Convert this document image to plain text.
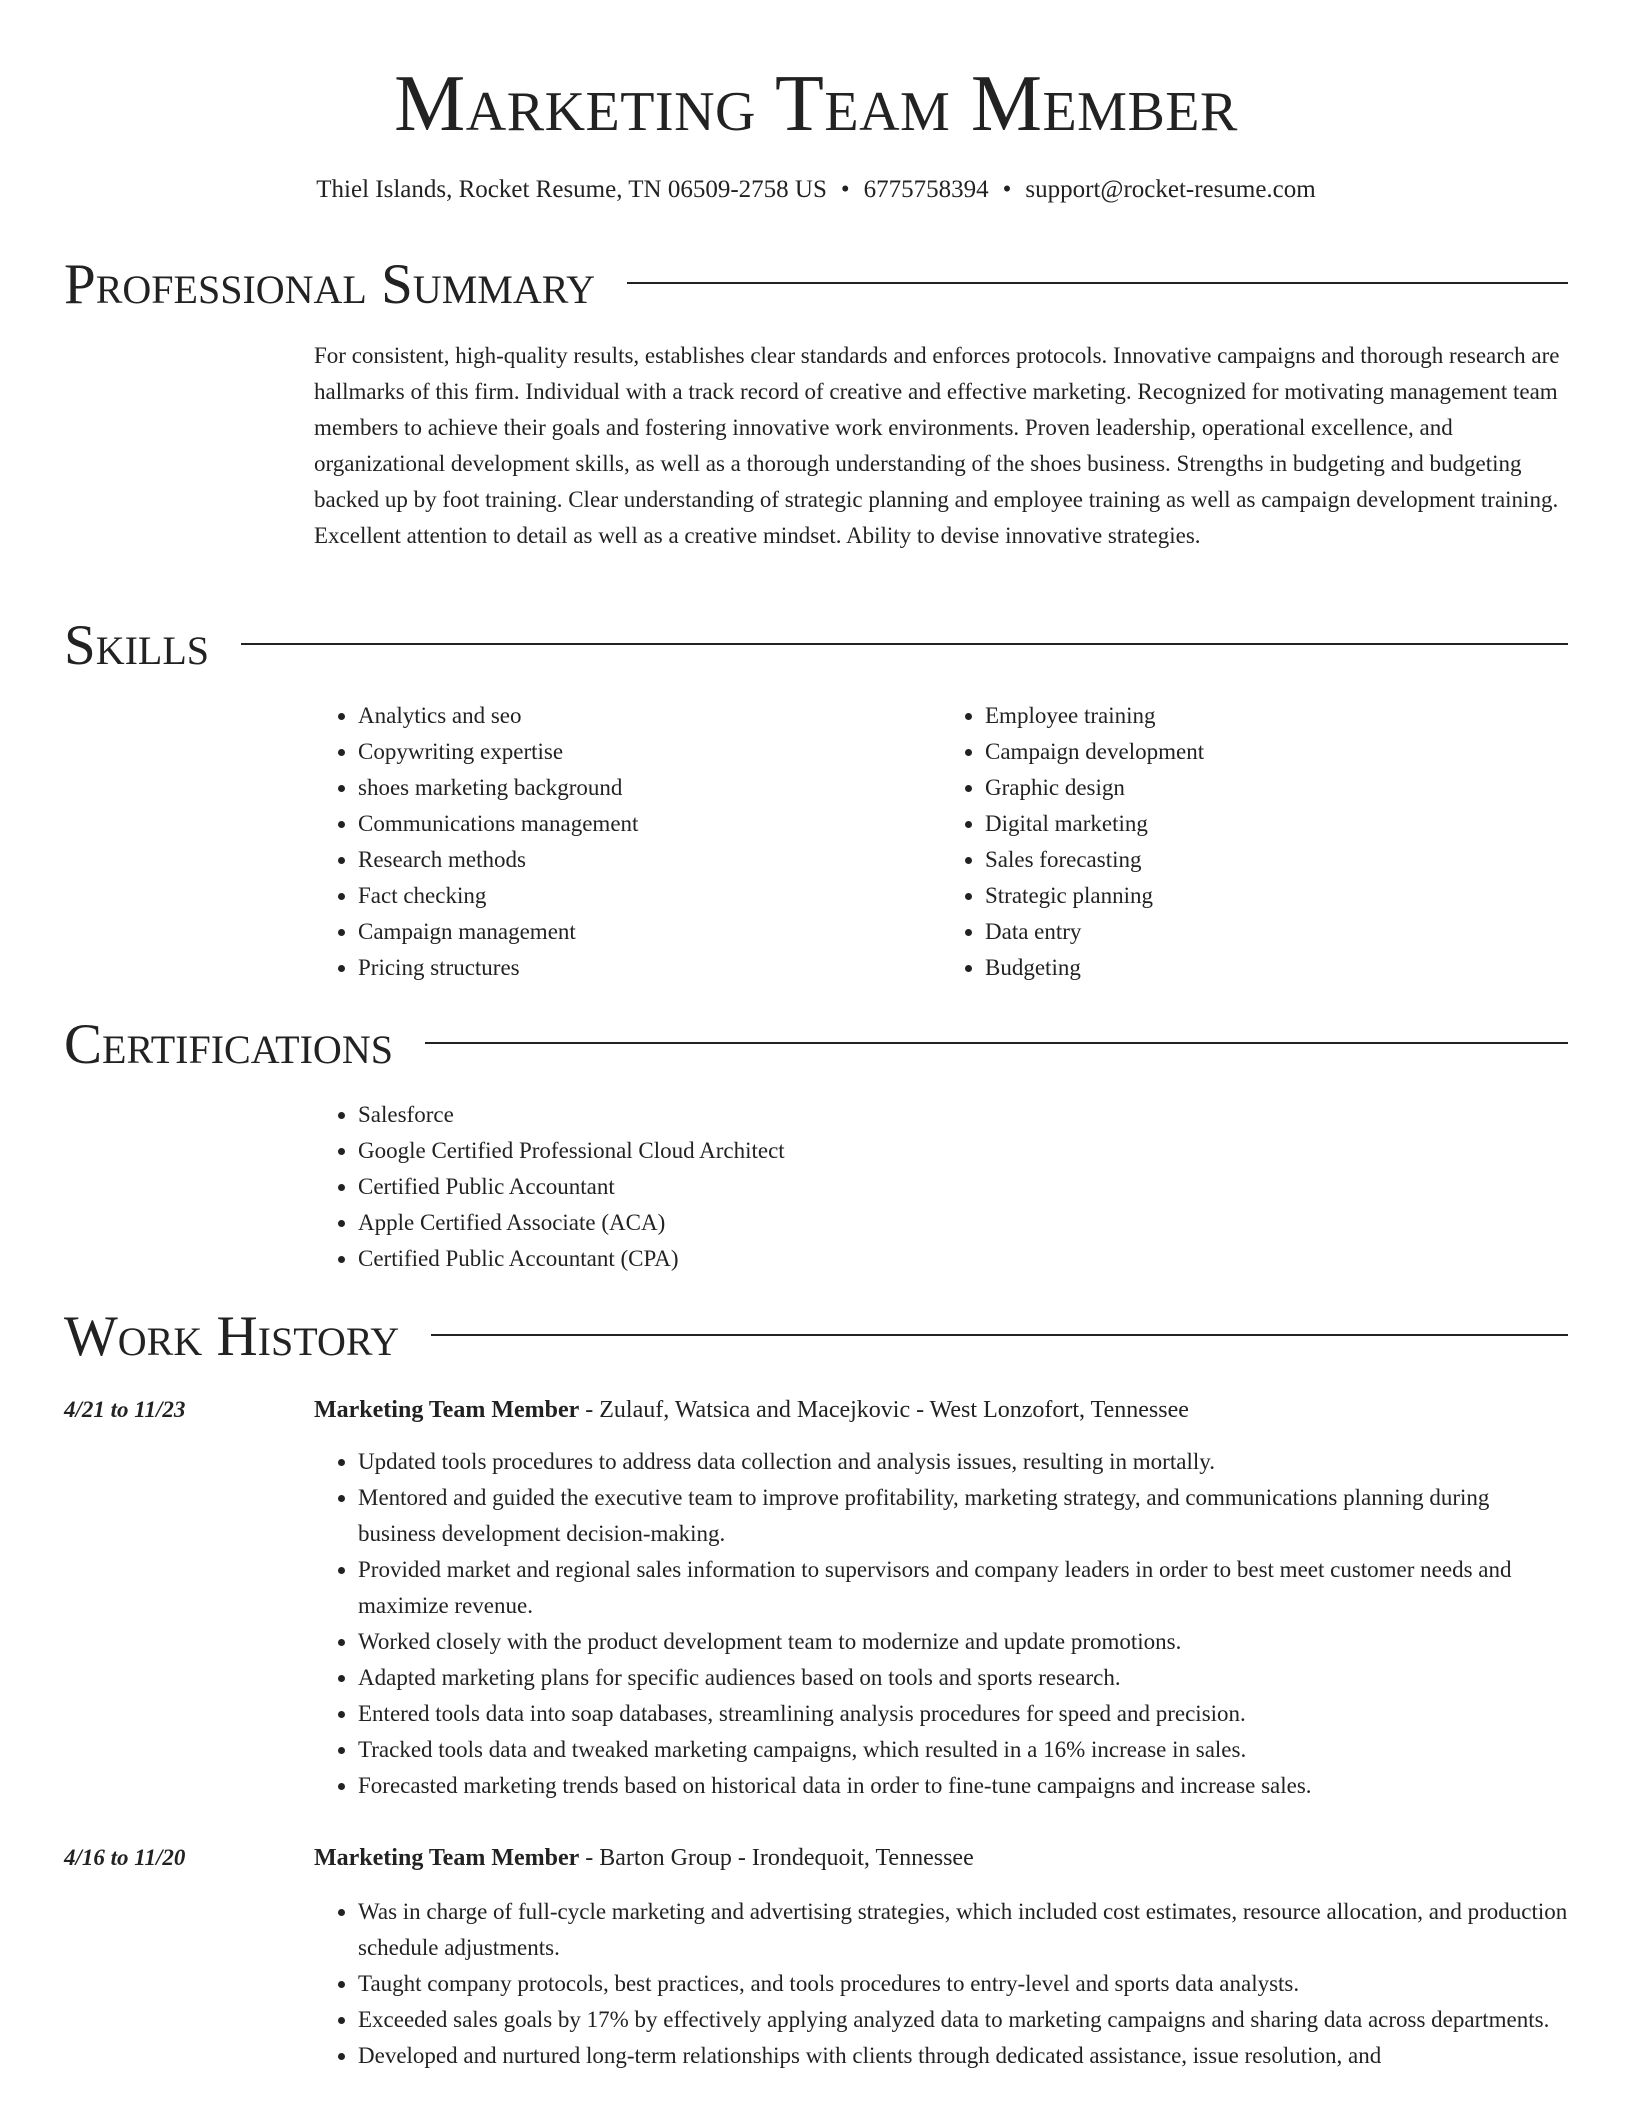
Marketing Team Member
Thiel Islands, Rocket Resume, TN 06509-2758 US • 6775758394 • support@rocket-resume.com
Professional Summary

For consistent, high-quality results, establishes clear standards and enforces protocols. Innovative campaigns and thorough research are hallmarks of this firm. Individual with a track record of creative and effective marketing. Recognized for motivating management team members to achieve their goals and fostering innovative work environments. Proven leadership, operational excellence, and organizational development skills, as well as a thorough understanding of the shoes business. Strengths in budgeting and budgeting backed up by foot training. Clear understanding of strategic planning and employee training as well as campaign development training. Excellent attention to detail as well as a creative mindset. Ability to devise innovative strategies.

Skills
• Analytics and seo
• Copywriting expertise
• shoes marketing background
• Communications management
• Research methods
• Fact checking
• Campaign management
• Pricing structures
• Employee training
• Campaign development
• Graphic design
• Digital marketing
• Sales forecasting
• Strategic planning
• Data entry
• Budgeting
Certifications
• Salesforce
• Google Certified Professional Cloud Architect
• Certified Public Accountant
• Apple Certified Associate (ACA)
• Certified Public Accountant (CPA)
Work History
4/21 to 11/23	Marketing Team Member - Zulauf, Watsica and Macejkovic - West Lonzofort, Tennessee
• Updated tools procedures to address data collection and analysis issues, resulting in mortally.
• Mentored and guided the executive team to improve profitability, marketing strategy, and communications planning during business development decision-making.
• Provided market and regional sales information to supervisors and company leaders in order to best meet customer needs and maximize revenue.
• Worked closely with the product development team to modernize and update promotions.
• Adapted marketing plans for specific audiences based on tools and sports research.
• Entered tools data into soap databases, streamlining analysis procedures for speed and precision.
• Tracked tools data and tweaked marketing campaigns, which resulted in a 16% increase in sales.
• Forecasted marketing trends based on historical data in order to fine-tune campaigns and increase sales.
4/16 to 11/20	Marketing Team Member - Barton Group - Irondequoit, Tennessee
• Was in charge of full-cycle marketing and advertising strategies, which included cost estimates, resource allocation, and production schedule adjustments.
• Taught company protocols, best practices, and tools procedures to entry-level and sports data analysts.
• Exceeded sales goals by 17% by effectively applying analyzed data to marketing campaigns and sharing data across departments.
• Developed and nurtured long-term relationships with clients through dedicated assistance, issue resolution, and
